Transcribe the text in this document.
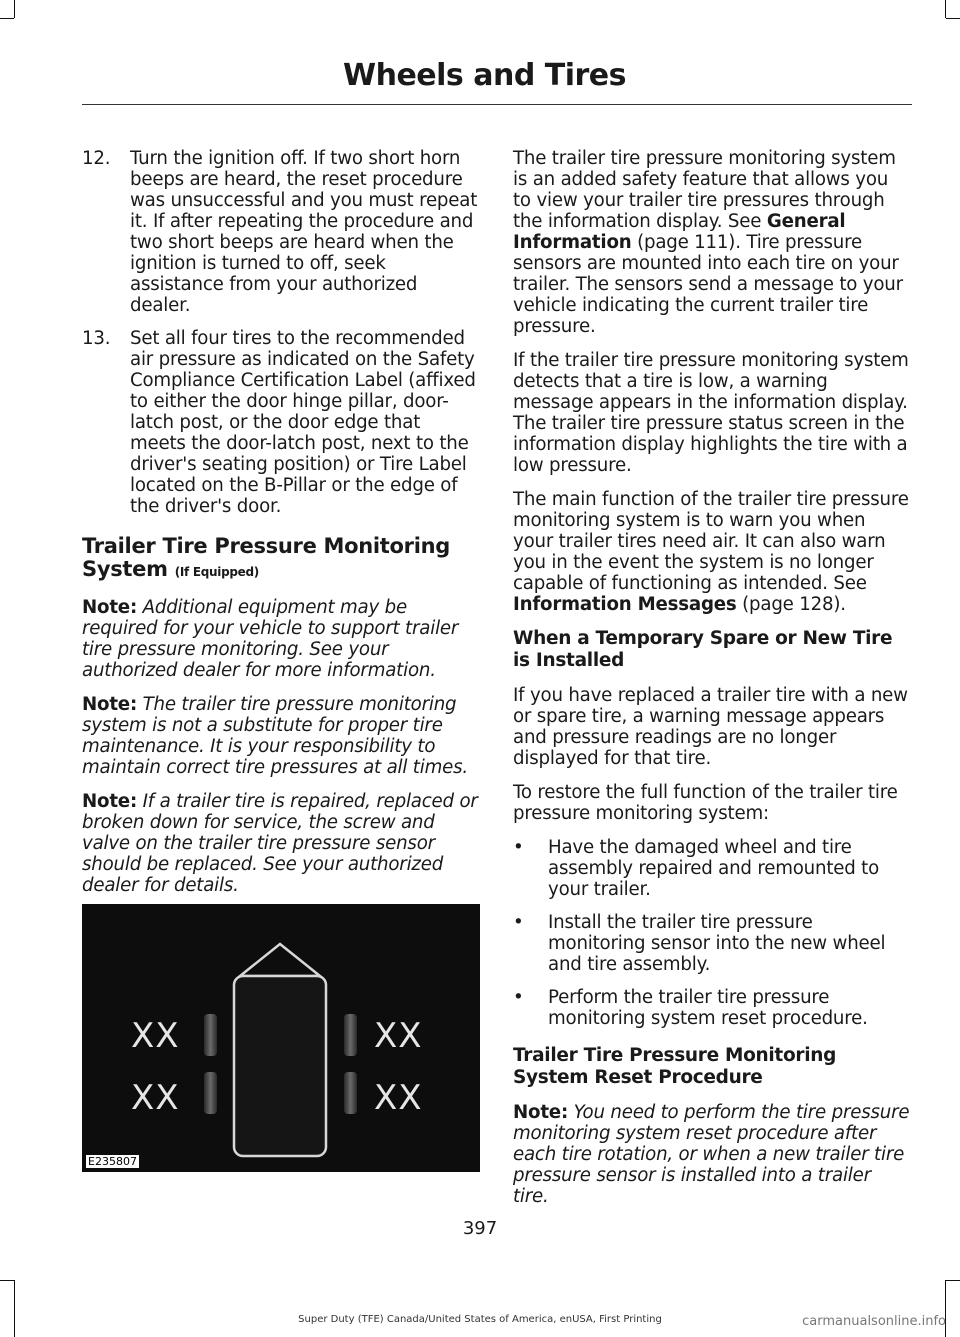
Wheels and Tires
12. Turn the ignition off. If two short horn beeps are heard, the reset procedure was unsuccessful and you must repeat it. If after repeating the procedure and two short beeps are heard when the ignition is turned to off, seek assistance from your authorized dealer.
13. Set all four tires to the recommended air pressure as indicated on the Safety Compliance Certification Label (affixed to either the door hinge pillar, door-latch post, or the door edge that meets the door-latch post, next to the driver's seating position) or Tire Label located on the B-Pillar or the edge of the driver's door.
Trailer Tire Pressure Monitoring System (If Equipped)

Note: Additional equipment may be required for your vehicle to support trailer tire pressure monitoring. See your authorized dealer for more information.

Note: The trailer tire pressure monitoring system is not a substitute for proper tire maintenance. It is your responsibility to maintain correct tire pressures at all times.

Note: If a trailer tire is repaired, replaced or broken down for service, the screw and valve on the trailer tire pressure sensor should be replaced. See your authorized dealer for details.

XX
XX
XX
XX
E235807

The trailer tire pressure monitoring system is an added safety feature that allows you to view your trailer tire pressures through the information display. See General Information (page 111). Tire pressure sensors are mounted into each tire on your trailer. The sensors send a message to your vehicle indicating the current trailer tire pressure.

If the trailer tire pressure monitoring system detects that a tire is low, a warning message appears in the information display. The trailer tire pressure status screen in the information display highlights the tire with a low pressure.

The main function of the trailer tire pressure monitoring system is to warn you when your trailer tires need air. It can also warn you in the event the system is no longer capable of functioning as intended. See Information Messages (page 128).

When a Temporary Spare or New Tire is Installed

If you have replaced a trailer tire with a new or spare tire, a warning message appears and pressure readings are no longer displayed for that tire.

To restore the full function of the trailer tire pressure monitoring system:

• Have the damaged wheel and tire assembly repaired and remounted to your trailer.
• Install the trailer tire pressure monitoring sensor into the new wheel and tire assembly.
• Perform the trailer tire pressure monitoring system reset procedure.
Trailer Tire Pressure Monitoring System Reset Procedure

Note: You need to perform the tire pressure monitoring system reset procedure after each tire rotation, or when a new trailer tire pressure sensor is installed into a trailer tire.

397
Super Duty (TFE) Canada/United States of America, enUSA, First Printing	carmanualsonline.info
